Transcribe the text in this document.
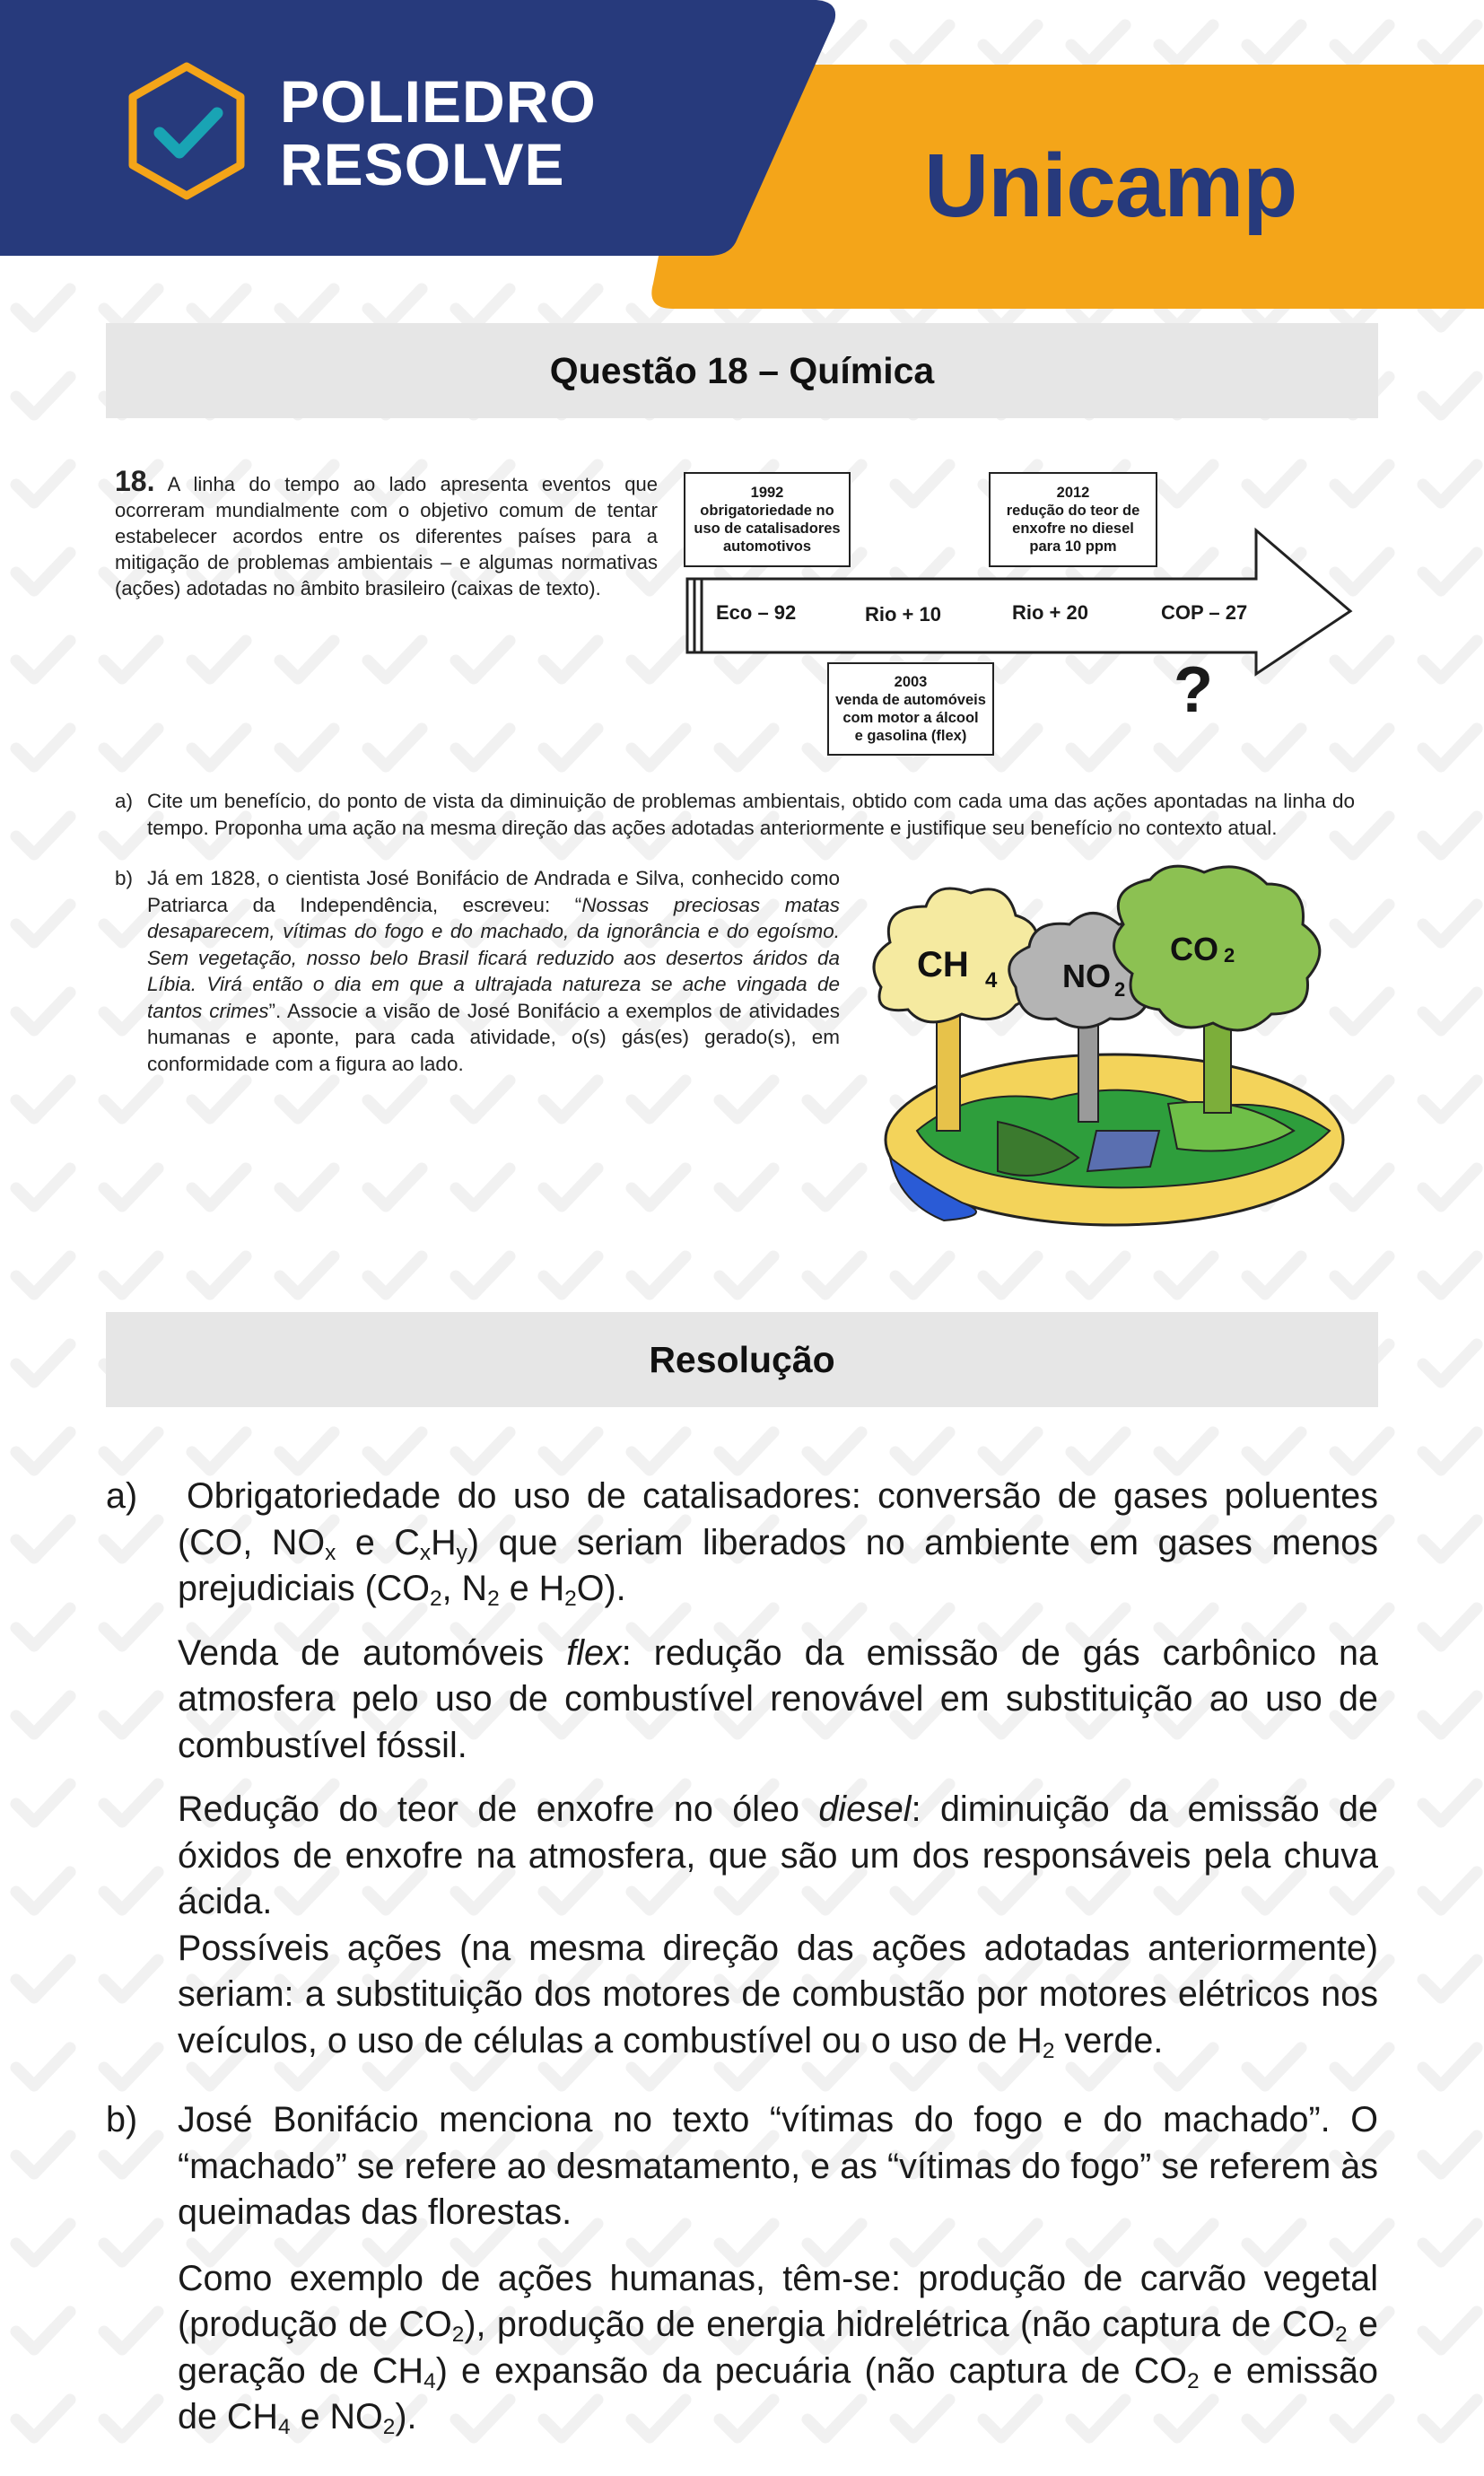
POLIEDRO
RESOLVE	Unicamp
Questão 18 – Química
18. A linha do tempo ao lado apresenta eventos que ocorreram mundialmente com o objetivo comum de tentar estabelecer acordos entre os diferentes países para a mitigação de problemas ambientais – e algumas normativas (ações) adotadas no âmbito brasileiro (caixas de texto).
1992
obrigatoriedade no
uso de catalisadores
automotivos
2012
redução do teor de
enxofre no diesel
para 10 ppm
2003
venda de automóveis
com motor a álcool
e gasolina (flex)
Eco – 92	Rio + 10	Rio + 20	COP – 27
?
a) Cite um benefício, do ponto de vista da diminuição de problemas ambientais, obtido com cada uma das ações apontadas na linha do tempo. Proponha uma ação na mesma direção das ações adotadas anteriormente e justifique seu benefício no contexto atual.
b) Já em 1828, o cientista José Bonifácio de Andrada e Silva, conhecido como Patriarca da Independência, escreveu: “Nossas preciosas matas desaparecem, vítimas do fogo e do machado, da ignorância e do egoísmo. Sem vegetação, nosso belo Brasil ficará reduzido aos desertos áridos da Líbia. Virá então o dia em que a ultrajada natureza se ache vingada de tantos crimes”. Associe a visão de José Bonifácio a exemplos de atividades humanas e aponte, para cada atividade, o(s) gás(es) gerado(s), em conformidade com a figura ao lado.
CH 4 NO 2
CO 2
Resolução
a) Obrigatoriedade do uso de catalisadores: conversão de gases poluentes (CO, $NO_x$ e $C_xH_y$) que seriam liberados no ambiente em gases menos prejudiciais ($CO_2$, $N_2$ e $H_2O$).

Venda de automóveis flex: redução da emissão de gás carbônico na atmosfera pelo uso de combustível renovável em substituição ao uso de combustível fóssil.

Redução do teor de enxofre no óleo diesel: diminuição da emissão de óxidos de enxofre na atmosfera, que são um dos responsáveis pela chuva ácida.

Possíveis ações (na mesma direção das ações adotadas anteriormente) seriam: a substituição dos motores de combustão por motores elétricos nos veículos, o uso de células a combustível ou o uso de $H_2$ verde.

b) José Bonifácio menciona no texto “vítimas do fogo e do machado”. O “machado” se refere ao desmatamento, e as “vítimas do fogo” se referem às queimadas das florestas.

Como exemplo de ações humanas, têm-se: produção de carvão vegetal (produção de $CO_2$), produção de energia hidrelétrica (não captura de $CO_2$ e geração de $CH_4$) e expansão da pecuária (não captura de $CO_2$ e emissão de $CH_4$ e $NO_2$).
